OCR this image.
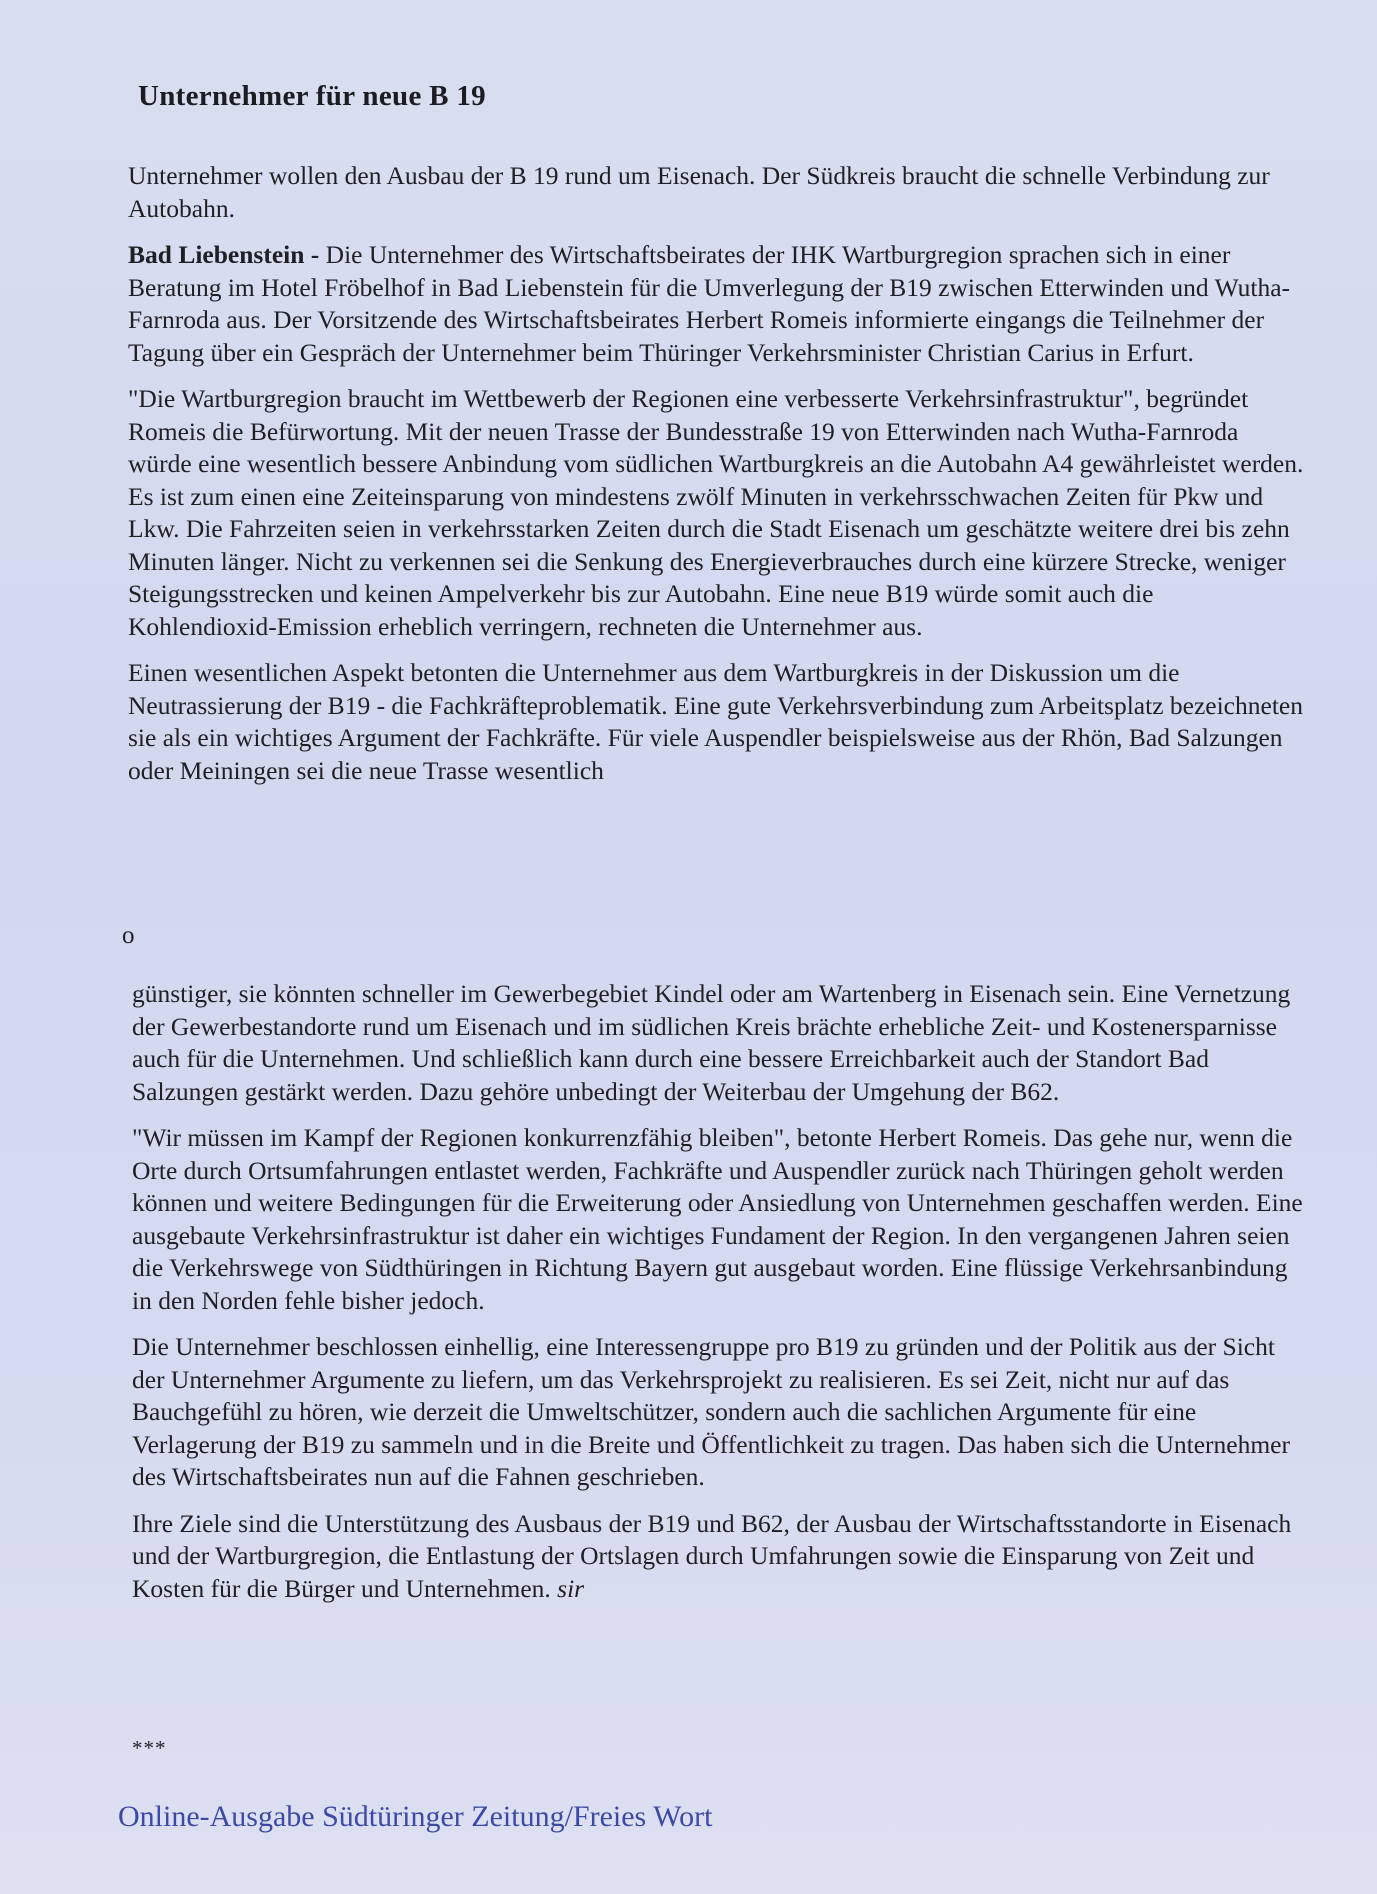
Unternehmer für neue B 19

Unternehmer wollen den Ausbau der B 19 rund um Eisenach. Der Südkreis braucht die schnelle Verbindung zur Autobahn.

Bad Liebenstein - Die Unternehmer des Wirtschaftsbeirates der IHK Wartburgregion sprachen sich in einer Beratung im Hotel Fröbelhof in Bad Liebenstein für die Umverlegung der B19 zwischen Etterwinden und Wutha-Farnroda aus. Der Vorsitzende des Wirtschaftsbeirates Herbert Romeis informierte eingangs die Teilnehmer der Tagung über ein Gespräch der Unternehmer beim Thüringer Verkehrsminister Christian Carius in Erfurt.

"Die Wartburgregion braucht im Wettbewerb der Regionen eine verbesserte Verkehrsinfrastruktur", begründet Romeis die Befürwortung. Mit der neuen Trasse der Bundesstraße 19 von Etterwinden nach Wutha-Farnroda würde eine wesentlich bessere Anbindung vom südlichen Wartburgkreis an die Autobahn A4 gewährleistet werden. Es ist zum einen eine Zeiteinsparung von mindestens zwölf Minuten in verkehrsschwachen Zeiten für Pkw und Lkw. Die Fahrzeiten seien in verkehrsstarken Zeiten durch die Stadt Eisenach um geschätzte weitere drei bis zehn Minuten länger. Nicht zu verkennen sei die Senkung des Energieverbrauches durch eine kürzere Strecke, weniger Steigungsstrecken und keinen Ampelverkehr bis zur Autobahn. Eine neue B19 würde somit auch die Kohlendioxid-Emission erheblich verringern, rechneten die Unternehmer aus.

Einen wesentlichen Aspekt betonten die Unternehmer aus dem Wartburgkreis in der Diskussion um die Neutrassierung der B19 - die Fachkräfteproblematik. Eine gute Verkehrsverbindung zum Arbeitsplatz bezeichneten sie als ein wichtiges Argument der Fachkräfte. Für viele Auspendler beispielsweise aus der Rhön, Bad Salzungen oder Meiningen sei die neue Trasse wesentlich

o

günstiger, sie könnten schneller im Gewerbegebiet Kindel oder am Wartenberg in Eisenach sein. Eine Vernetzung der Gewerbestandorte rund um Eisenach und im südlichen Kreis brächte erhebliche Zeit- und Kostenersparnisse auch für die Unternehmen. Und schließlich kann durch eine bessere Erreichbarkeit auch der Standort Bad Salzungen gestärkt werden. Dazu gehöre unbedingt der Weiterbau der Umgehung der B62.

"Wir müssen im Kampf der Regionen konkurrenzfähig bleiben", betonte Herbert Romeis. Das gehe nur, wenn die Orte durch Ortsumfahrungen entlastet werden, Fachkräfte und Auspendler zurück nach Thüringen geholt werden können und weitere Bedingungen für die Erweiterung oder Ansiedlung von Unternehmen geschaffen werden. Eine ausgebaute Verkehrsinfrastruktur ist daher ein wichtiges Fundament der Region. In den vergangenen Jahren seien die Verkehrswege von Südthüringen in Richtung Bayern gut ausgebaut worden. Eine flüssige Verkehrsanbindung in den Norden fehle bisher jedoch.

Die Unternehmer beschlossen einhellig, eine Interessengruppe pro B19 zu gründen und der Politik aus der Sicht der Unternehmer Argumente zu liefern, um das Verkehrsprojekt zu realisieren. Es sei Zeit, nicht nur auf das Bauchgefühl zu hören, wie derzeit die Umweltschützer, sondern auch die sachlichen Argumente für eine Verlagerung der B19 zu sammeln und in die Breite und Öffentlichkeit zu tragen. Das haben sich die Unternehmer des Wirtschaftsbeirates nun auf die Fahnen geschrieben.

Ihre Ziele sind die Unterstützung des Ausbaus der B19 und B62, der Ausbau der Wirtschaftsstandorte in Eisenach und der Wartburgregion, die Entlastung der Ortslagen durch Umfahrungen sowie die Einsparung von Zeit und Kosten für die Bürger und Unternehmen. sir

***
Online-Ausgabe Südtüringer Zeitung/Freies Wort
